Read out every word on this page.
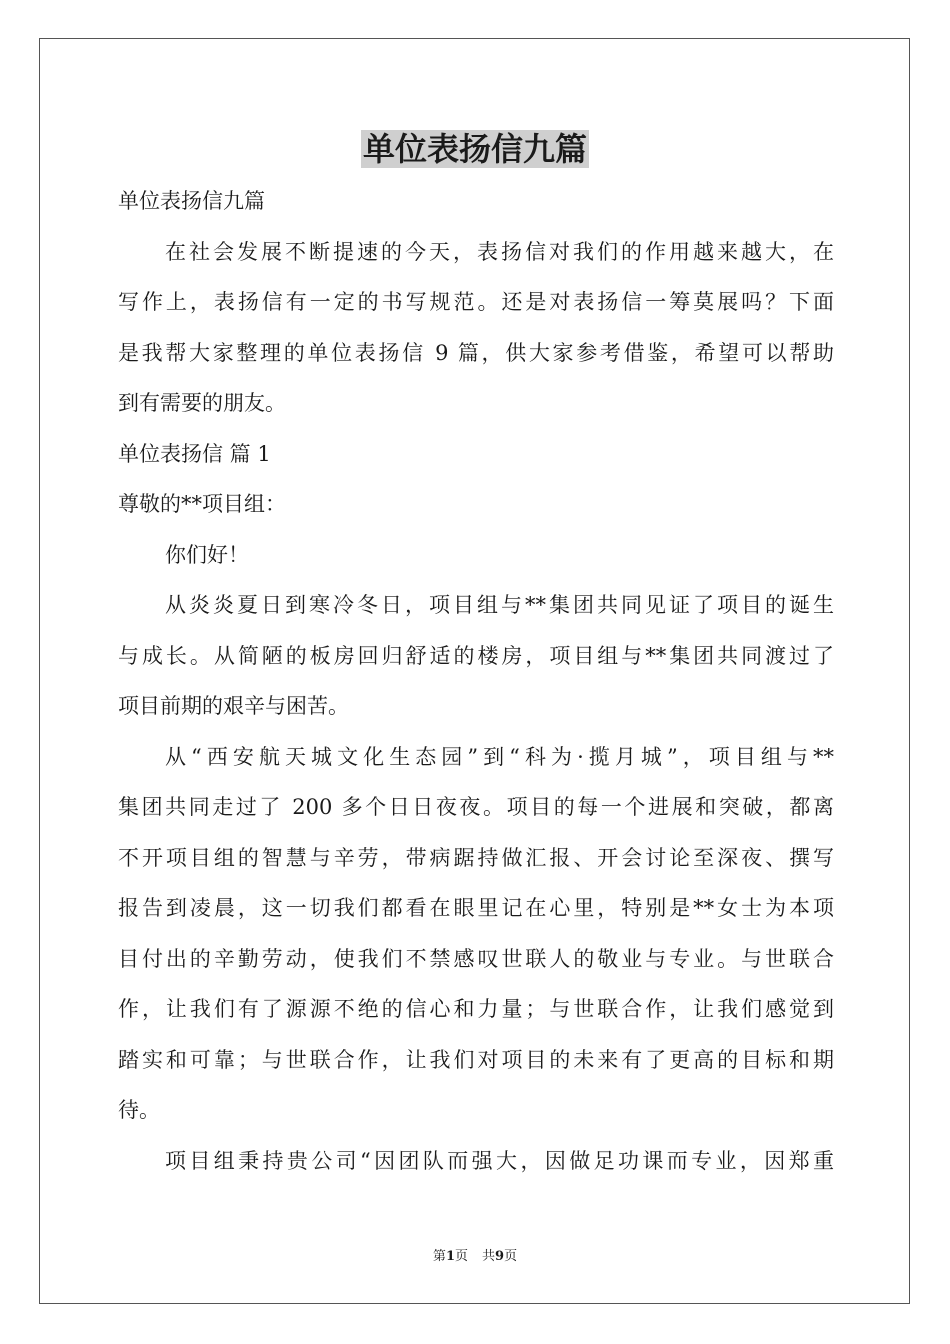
单位表扬信九篇

单位表扬信九篇

在社会发展不断提速的今天，表扬信对我们的作用越来越大，在

写作上，表扬信有一定的书写规范。还是对表扬信一筹莫展吗？下面

是我帮大家整理的单位表扬信 9 篇，供大家参考借鉴，希望可以帮助

到有需要的朋友。

单位表扬信 篇 1

尊敬的**项目组：

你们好！

从炎炎夏日到寒冷冬日，项目组与**集团共同见证了项目的诞生

与成长。从简陋的板房回归舒适的楼房，项目组与**集团共同渡过了

项目前期的艰辛与困苦。

从“西安航天城文化生态园”到“科为·揽月城”，项目组与**

集团共同走过了 200 多个日日夜夜。项目的每一个进展和突破，都离

不开项目组的智慧与辛劳，带病踞持做汇报、开会讨论至深夜、撰写

报告到凌晨，这一切我们都看在眼里记在心里，特别是**女士为本项

目付出的辛勤劳动，使我们不禁感叹世联人的敬业与专业。与世联合

作，让我们有了源源不绝的信心和力量；与世联合作，让我们感觉到

踏实和可靠；与世联合作，让我们对项目的未来有了更高的目标和期

待。

项目组秉持贵公司“因团队而强大，因做足功课而专业，因郑重

第1页 共9页
